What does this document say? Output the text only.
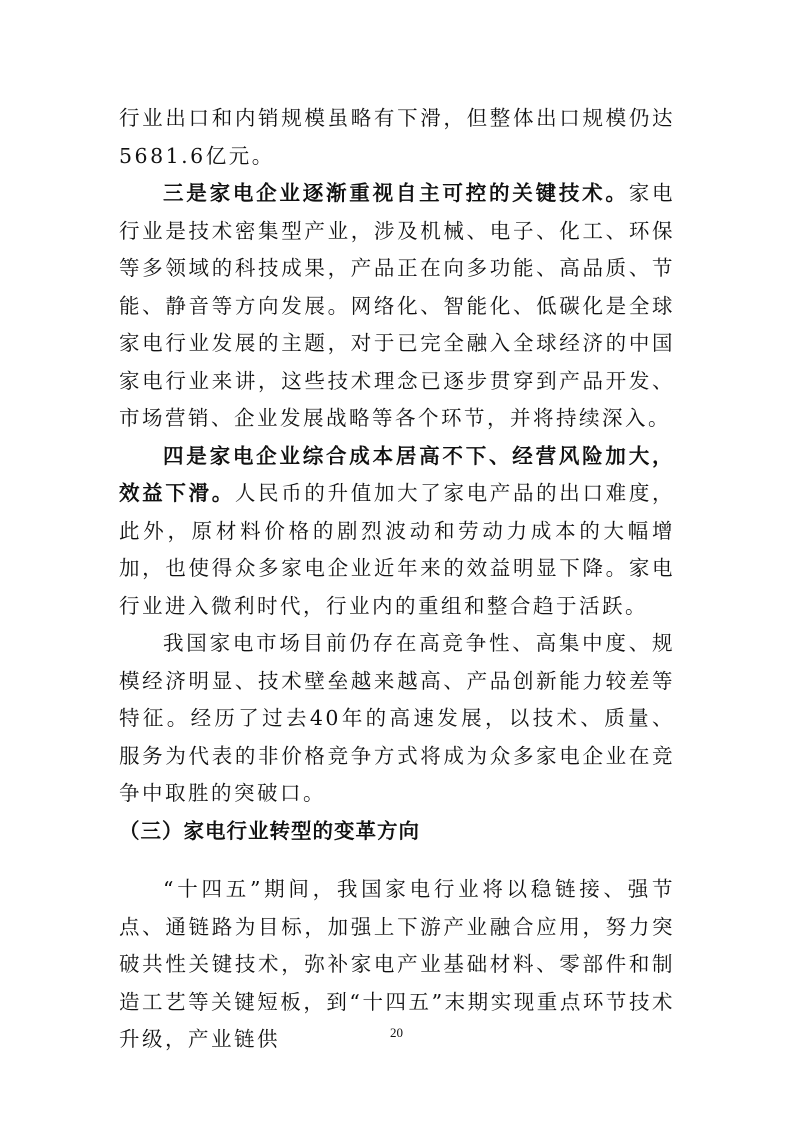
行业出口和内销规模虽略有下滑，但整体出口规模仍达5681.6亿元。

三是家电企业逐渐重视自主可控的关键技术。家电行业是技术密集型产业，涉及机械、电子、化工、环保等多领域的科技成果，产品正在向多功能、高品质、节能、静音等方向发展。网络化、智能化、低碳化是全球家电行业发展的主题，对于已完全融入全球经济的中国家电行业来讲，这些技术理念已逐步贯穿到产品开发、市场营销、企业发展战略等各个环节，并将持续深入。

四是家电企业综合成本居高不下、经营风险加大，效益下滑。人民币的升值加大了家电产品的出口难度，此外，原材料价格的剧烈波动和劳动力成本的大幅增加，也使得众多家电企业近年来的效益明显下降。家电行业进入微利时代，行业内的重组和整合趋于活跃。

我国家电市场目前仍存在高竞争性、高集中度、规模经济明显、技术壁垒越来越高、产品创新能力较差等特征。经历了过去40年的高速发展，以技术、质量、服务为代表的非价格竞争方式将成为众多家电企业在竞争中取胜的突破口。

（三）家电行业转型的变革方向

“十四五”期间，我国家电行业将以稳链接、强节点、通链路为目标，加强上下游产业融合应用，努力突破共性关键技术，弥补家电产业基础材料、零部件和制造工艺等关键短板，到“十四五”末期实现重点环节技术升级，产业链供	20
